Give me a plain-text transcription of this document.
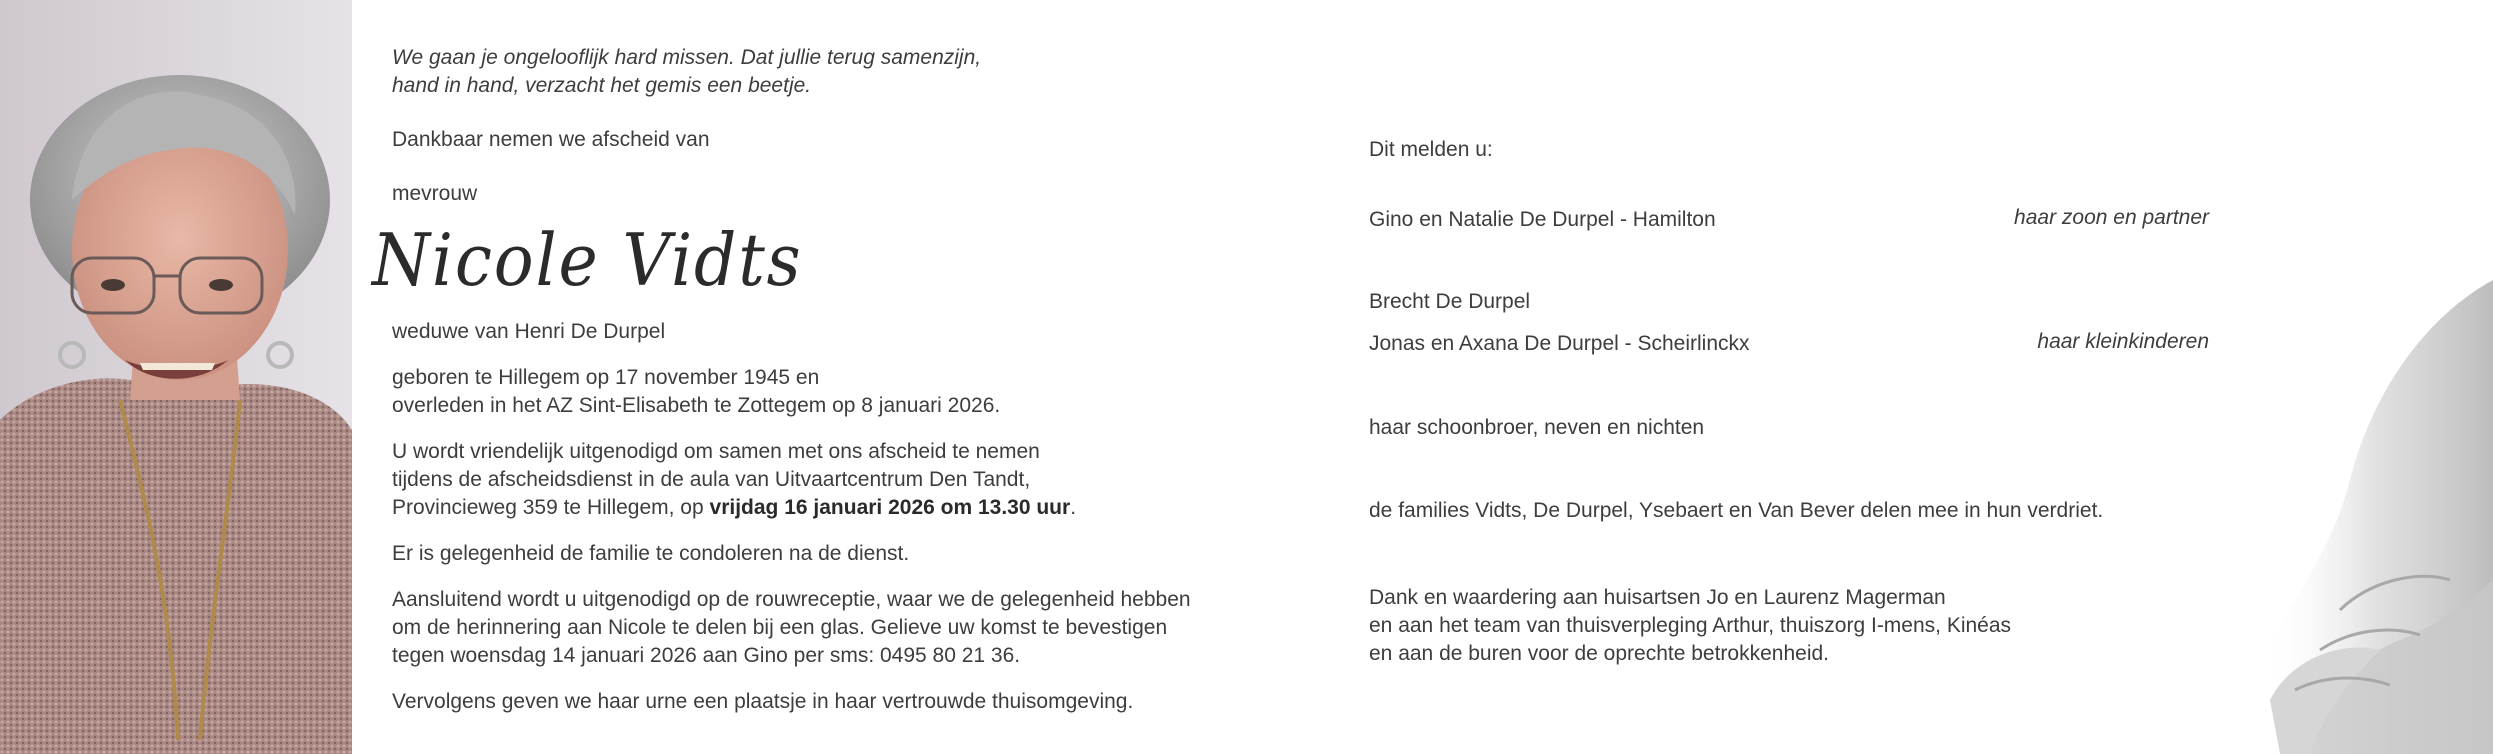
We gaan je ongelooflijk hard missen. Dat jullie terug samenzijn,
hand in hand, verzacht het gemis een beetje.
Dankbaar nemen we afscheid van
mevrouw
Nicole Vidts
weduwe van Henri De Durpel
geboren te Hillegem op 17 november 1945 en
overleden in het AZ Sint-Elisabeth te Zottegem op 8 januari 2026.
U wordt vriendelijk uitgenodigd om samen met ons afscheid te nemen
tijdens de afscheidsdienst in de aula van Uitvaartcentrum Den Tandt,
Provincieweg 359 te Hillegem, op vrijdag 16 januari 2026 om 13.30 uur.
Er is gelegenheid de familie te condoleren na de dienst.
Aansluitend wordt u uitgenodigd op de rouwreceptie, waar we de gelegenheid hebben
om de herinnering aan Nicole te delen bij een glas. Gelieve uw komst te bevestigen
tegen woensdag 14 januari 2026 aan Gino per sms: 0495 80 21 36.
Vervolgens geven we haar urne een plaatsje in haar vertrouwde thuisomgeving.
Dit melden u:
Gino en Natalie De Durpel - Hamilton	haar zoon en partner
Brecht De Durpel
Jonas en Axana De Durpel - Scheirlinckx	haar kleinkinderen
haar schoonbroer, neven en nichten
de families Vidts, De Durpel, Ysebaert en Van Bever delen mee in hun verdriet.
Dank en waardering aan huisartsen Jo en Laurenz Magerman
en aan het team van thuisverpleging Arthur, thuiszorg I-mens, Kinéas
en aan de buren voor de oprechte betrokkenheid.
